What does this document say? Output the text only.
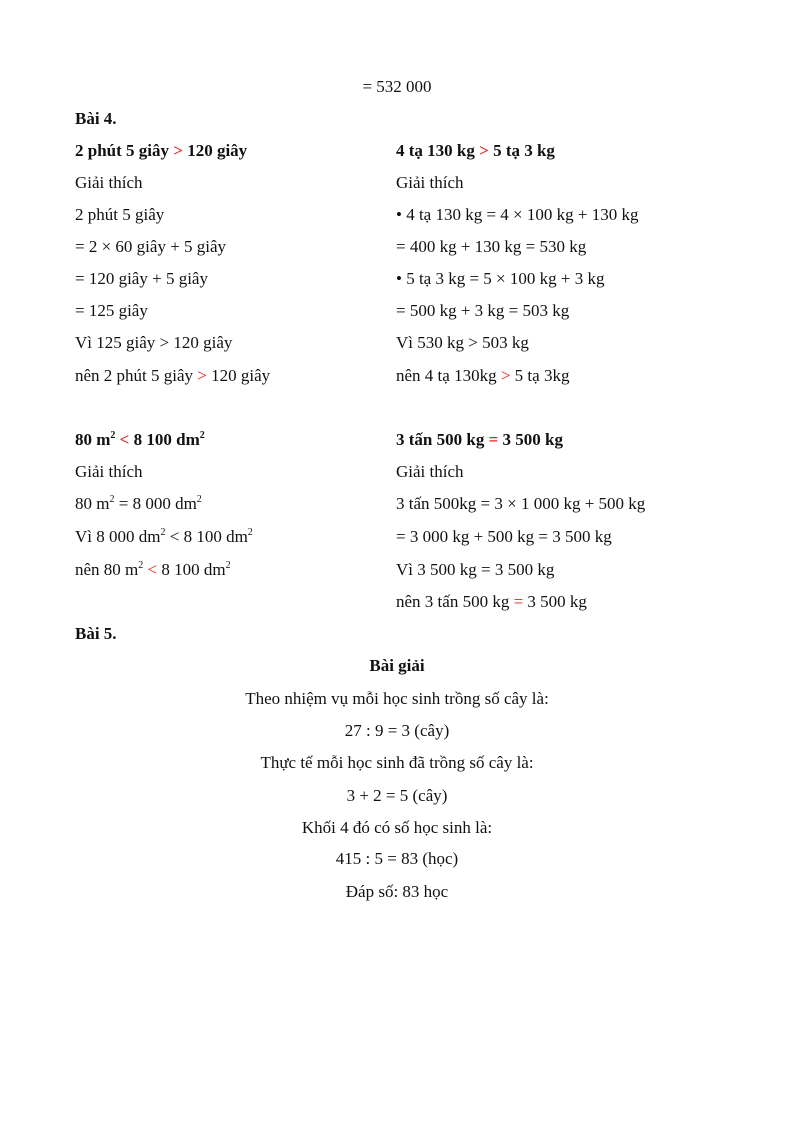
= 532 000
Bài 4.
2 phút 5 giây > 120 giây
Giải thích
2 phút 5 giây
= 2 × 60 giây + 5 giây
= 120 giây + 5 giây
= 125 giây
Vì 125 giây > 120 giây
nên 2 phút 5 giây > 120 giây
4 tạ 130 kg > 5 tạ 3 kg
Giải thích
• 4 tạ 130 kg = 4 × 100 kg + 130 kg
= 400 kg + 130 kg = 530 kg
• 5 tạ 3 kg = 5 × 100 kg + 3 kg
= 500 kg + 3 kg = 503 kg
Vì 530 kg > 503 kg
nên 4 tạ 130kg > 5 tạ 3kg
80 $m^2 < 8$ 100 $dm^2$
Giải thích
80 $m^2 = 8$ 000 $dm^2$
Vì 8 000 $dm^2 < 8$ 100 $dm^2$
nên 80 $m^2 < 8$ 100 $dm^2$
3 tấn 500 kg = 3 500 kg
Giải thích
3 tấn 500kg = 3 × 1 000 kg + 500 kg
= 3 000 kg + 500 kg = 3 500 kg
Vì 3 500 kg = 3 500 kg
nên 3 tấn 500 kg = 3 500 kg
Bài 5.
Bài giải
Theo nhiệm vụ mỗi học sinh trồng số cây là:
27 : 9 = 3 (cây)
Thực tế mỗi học sinh đã trồng số cây là:
3 + 2 = 5 (cây)
Khối 4 đó có số học sinh là:
415 : 5 = 83 (học)
Đáp số: 83 học
